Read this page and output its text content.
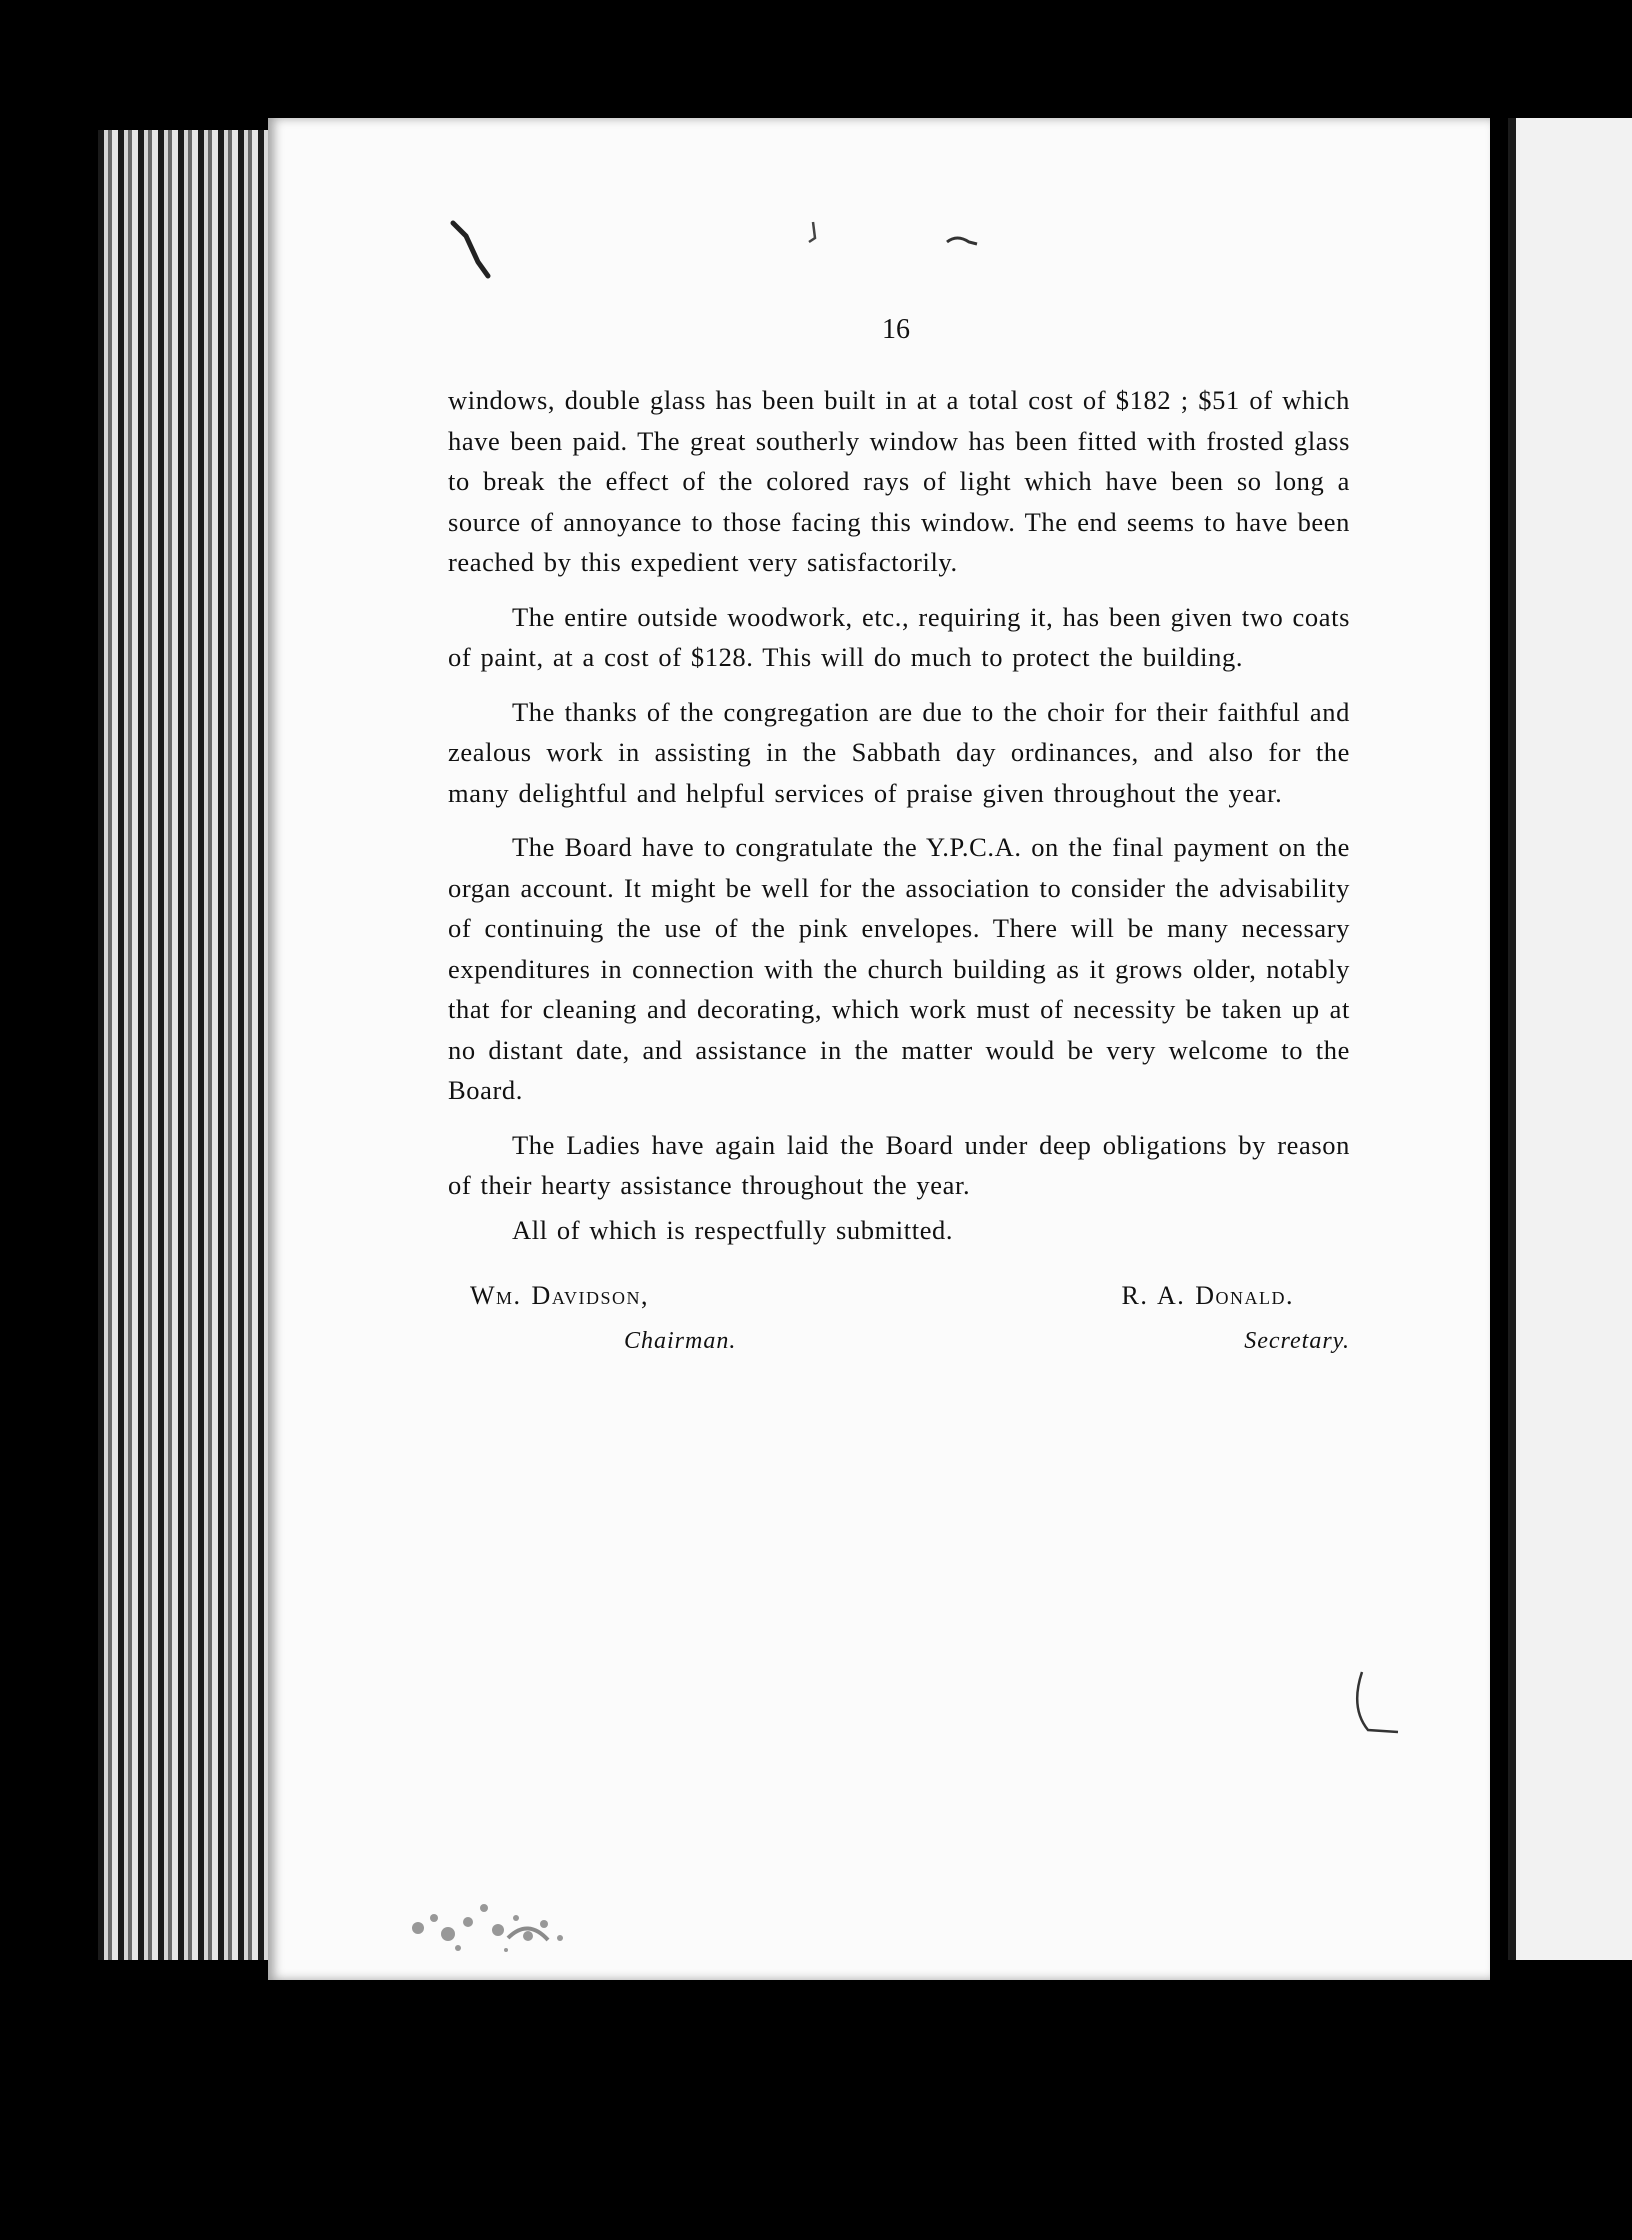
16

windows, double glass has been built in at a total cost of $182 ; $51 of which have been paid. The great southerly window has been fitted with frosted glass to break the effect of the colored rays of light which have been so long a source of annoyance to those facing this window. The end seems to have been reached by this expedient very satisfactorily.

The entire outside woodwork, etc., requiring it, has been given two coats of paint, at a cost of $128. This will do much to protect the building.

The thanks of the congregation are due to the choir for their faithful and zealous work in assisting in the Sabbath day ordinances, and also for the many delightful and helpful services of praise given throughout the year.

The Board have to congratulate the Y.P.C.A. on the final payment on the organ account. It might be well for the association to consider the advisability of continuing the use of the pink envelopes. There will be many necessary expenditures in connection with the church building as it grows older, notably that for cleaning and decorating, which work must of necessity be taken up at no distant date, and assistance in the matter would be very welcome to the Board.

The Ladies have again laid the Board under deep obligations by reason of their hearty assistance throughout the year.

All of which is respectfully submitted.

Wm. Davidson,
Chairman.
R. A. Donald.
Secretary.
